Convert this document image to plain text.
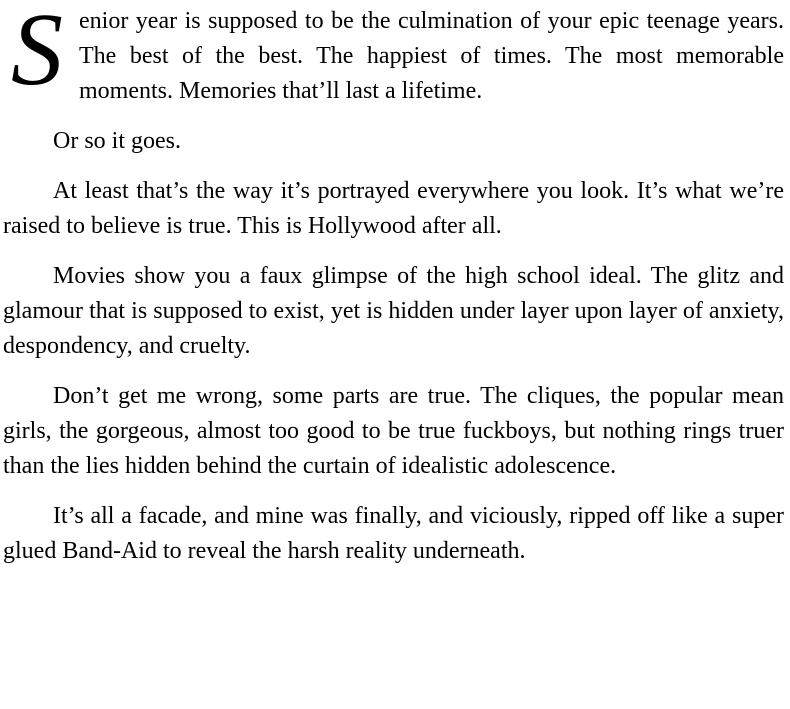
Senior year is supposed to be the culmination of your epic teenage years. The best of the best. The happiest of times. The most memorable moments. Memories that’ll last a lifetime.

Or so it goes.

At least that’s the way it’s portrayed everywhere you look. It’s what we’re raised to believe is true. This is Hollywood after all.

Movies show you a faux glimpse of the high school ideal. The glitz and glamour that is supposed to exist, yet is hidden under layer upon layer of anxiety, despondency, and cruelty.

Don’t get me wrong, some parts are true. The cliques, the popular mean girls, the gorgeous, almost too good to be true fuckboys, but nothing rings truer than the lies hidden behind the curtain of idealistic adolescence.

It’s all a facade, and mine was finally, and viciously, ripped off like a super glued Band-Aid to reveal the harsh reality underneath.
